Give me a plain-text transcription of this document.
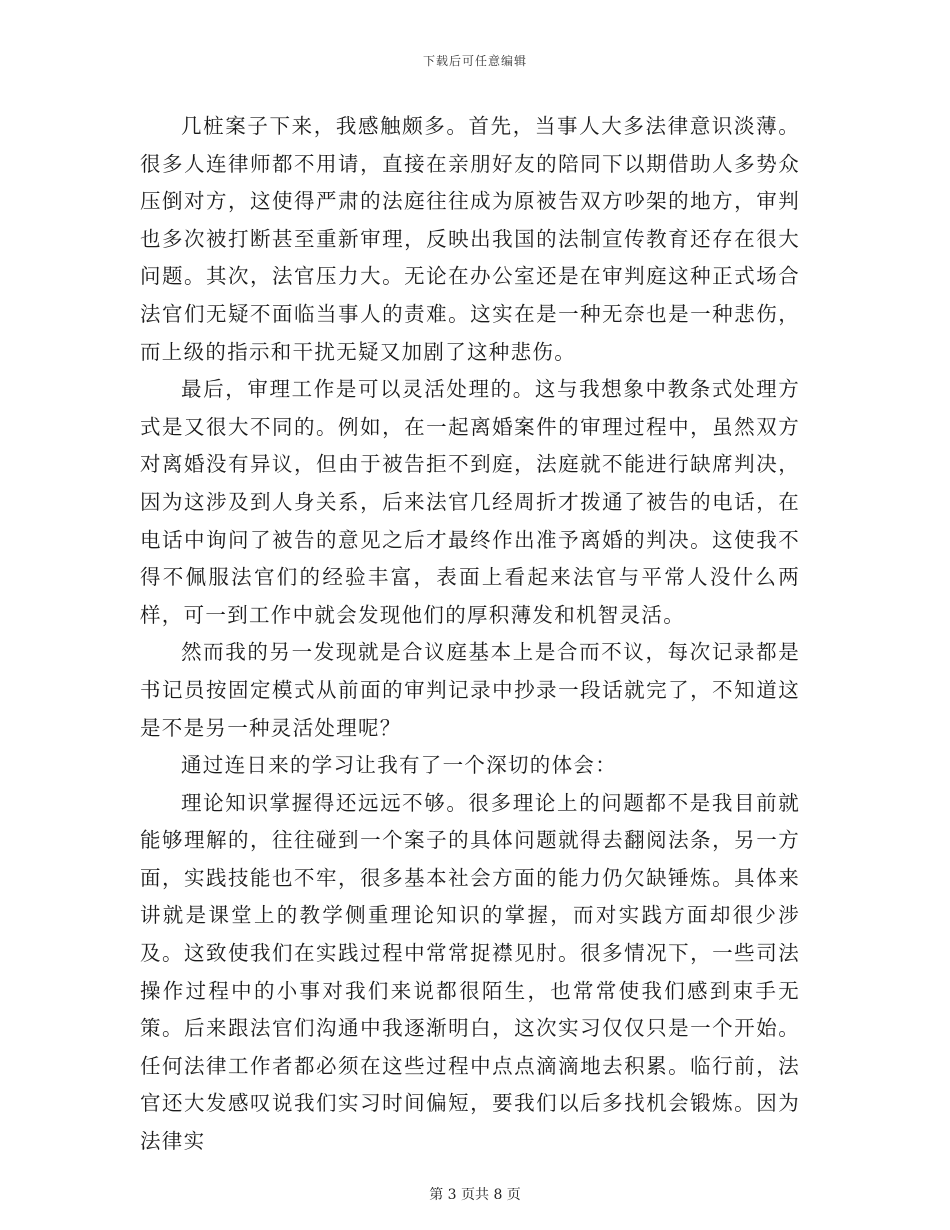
下载后可任意编辑

几桩案子下来，我感触颇多。首先，当事人大多法律意识淡薄。很多人连律师都不用请，直接在亲朋好友的陪同下以期借助人多势众压倒对方，这使得严肃的法庭往往成为原被告双方吵架的地方，审判也多次被打断甚至重新审理，反映出我国的法制宣传教育还存在很大问题。其次，法官压力大。无论在办公室还是在审判庭这种正式场合法官们无疑不面临当事人的责难。这实在是一种无奈也是一种悲伤，而上级的指示和干扰无疑又加剧了这种悲伤。

最后，审理工作是可以灵活处理的。这与我想象中教条式处理方式是又很大不同的。例如，在一起离婚案件的审理过程中，虽然双方对离婚没有异议，但由于被告拒不到庭，法庭就不能进行缺席判决，因为这涉及到人身关系，后来法官几经周折才拨通了被告的电话，在电话中询问了被告的意见之后才最终作出准予离婚的判决。这使我不得不佩服法官们的经验丰富，表面上看起来法官与平常人没什么两样，可一到工作中就会发现他们的厚积薄发和机智灵活。

然而我的另一发现就是合议庭基本上是合而不议，每次记录都是书记员按固定模式从前面的审判记录中抄录一段话就完了，不知道这是不是另一种灵活处理呢？

通过连日来的学习让我有了一个深切的体会：

理论知识掌握得还远远不够。很多理论上的问题都不是我目前就能够理解的，往往碰到一个案子的具体问题就得去翻阅法条，另一方面，实践技能也不牢，很多基本社会方面的能力仍欠缺锤炼。具体来讲就是课堂上的教学侧重理论知识的掌握，而对实践方面却很少涉及。这致使我们在实践过程中常常捉襟见肘。很多情况下，一些司法操作过程中的小事对我们来说都很陌生，也常常使我们感到束手无策。后来跟法官们沟通中我逐渐明白，这次实习仅仅只是一个开始。任何法律工作者都必须在这些过程中点点滴滴地去积累。临行前，法官还大发感叹说我们实习时间偏短，要我们以后多找机会锻炼。因为法律实

第 3 页共 8 页
